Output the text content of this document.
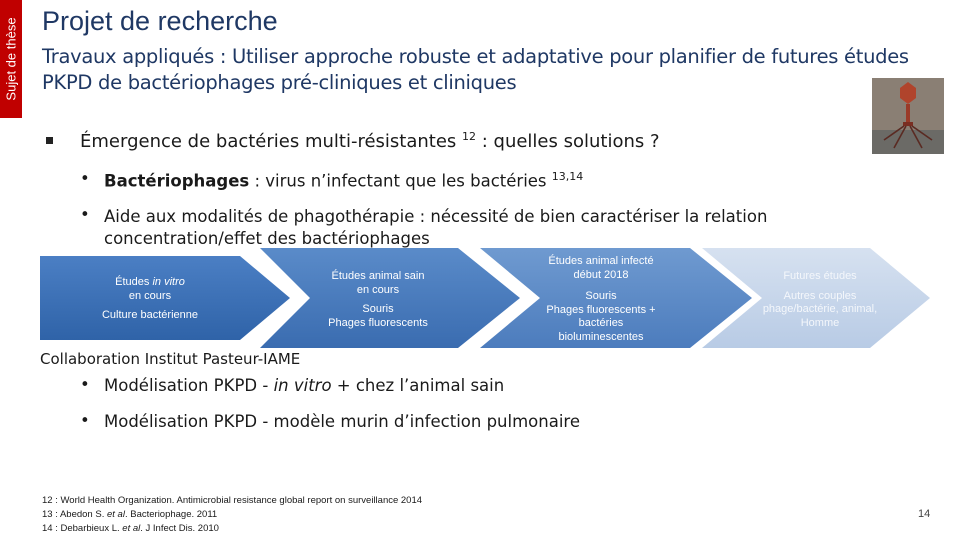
Sujet de thèse Projet de recherche
Travaux appliqués : Utiliser approche robuste et adaptative pour planifier de futures études PKPD de bactériophages pré-cliniques et cliniques
Émergence de bactéries multi-résistantes $^{12}$ : quelles solutions ?
• Bactériophages : virus n’infectant que les bactéries $^{13,14}$
• Aide aux modalités de phagothérapie : nécessité de bien caractériser la relation concentration/effet des bactériophages
Études in vitro
en cours
Culture bactérienne
Études animal sain
en cours
Souris
Phages fluorescents
Études animal infecté
début 2018
Souris
Phages fluorescents +
bactéries
bioluminescentes
Futures études
Autres couples
phage/bactérie, animal,
Homme
Collaboration Institut Pasteur-IAME
• Modélisation PKPD - in vitro + chez l’animal sain
• Modélisation PKPD - modèle murin d’infection pulmonaire
12 : World Health Organization. Antimicrobial resistance global report on surveillance 2014
13 : Abedon S. et al. Bacteriophage. 2011
14 : Debarbieux L. et al. J Infect Dis. 2010
14
